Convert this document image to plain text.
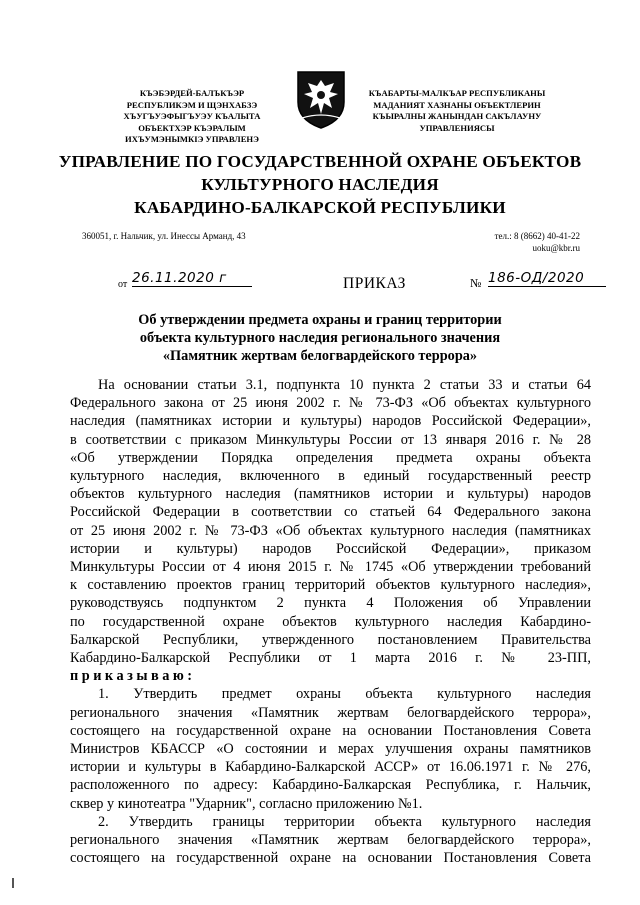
КЪЭБЭРДЕЙ-БАЛЪКЪЭР
РЕСПУБЛИКЭМ И ЩЭНХАБЗЭ
ХЪУГЪУЭФЫГЪУЭУ КЪАЛЫТА
ОБЪЕКТХЭР КЪЭРАЛЫМ
ИХЪУМЭНЫМКIЭ УПРАВЛЕНЭ
КЪАБАРТЫ-МАЛКЪАР РЕСПУБЛИКАНЫ
МАДАНИЯТ ХАЗНАНЫ ОБЪЕКТЛЕРИН
КЪЫРАЛНЫ ЖАНЫНДАН САКЪЛАУНУ
УПРАВЛЕНИЯСЫ
УПРАВЛЕНИЕ ПО ГОСУДАРСТВЕННОЙ ОХРАНЕ ОБЪЕКТОВ
КУЛЬТУРНОГО НАСЛЕДИЯ
КАБАРДИНО-БАЛКАРСКОЙ РЕСПУБЛИКИ
360051, г. Нальчик, ул. Инессы Арманд, 43	тел.: 8 (8662) 40-41-22
uoku@kbr.ru
от 26.11.2020 г	ПРИКАЗ	№ 186-ОД/2020
Об утверждении предмета охраны и границ территории
объекта культурного наследия регионального значения
«Памятник жертвам белогвардейского террора»

На основании статьи 3.1, подпункта 10 пункта 2 статьи 33 и статьи 64

Федерального закона от 25 июня 2002 г. № 73-ФЗ «Об объектах культурного

наследия (памятниках истории и культуры) народов Российской Федерации»,

в соответствии с приказом Минкультуры России от 13 января 2016 г. № 28

«Об утверждении Порядка определения предмета охраны объекта

культурного наследия, включенного в единый государственный реестр

объектов культурного наследия (памятников истории и культуры) народов

Российской Федерации в соответствии со статьей 64 Федерального закона

от 25 июня 2002 г. № 73-ФЗ «Об объектах культурного наследия (памятниках

истории и культуры) народов Российской Федерации», приказом

Минкультуры России от 4 июня 2015 г. № 1745 «Об утверждении требований

к составлению проектов границ территорий объектов культурного наследия»,

руководствуясь подпунктом 2 пункта 4 Положения об Управлении

по государственной охране объектов культурного наследия Кабардино-

Балкарской Республики, утвержденного постановлением Правительства

Кабардино-Балкарской Республики от 1 марта 2016 г. № 23-ПП,

приказываю:

1. Утвердить предмет охраны объекта культурного наследия

регионального значения «Памятник жертвам белогвардейского террора»,

состоящего на государственной охране на основании Постановления Совета

Министров КБАССР «О состоянии и мерах улучшения охраны памятников

истории и культуры в Кабардино-Балкарской АССР» от 16.06.1971 г. № 276,

расположенного по адресу: Кабардино-Балкарская Республика, г. Нальчик,

сквер у кинотеатра "Ударник", согласно приложению №1.

2. Утвердить границы территории объекта культурного наследия

регионального значения «Памятник жертвам белогвардейского террора»,

состоящего на государственной охране на основании Постановления Совета
